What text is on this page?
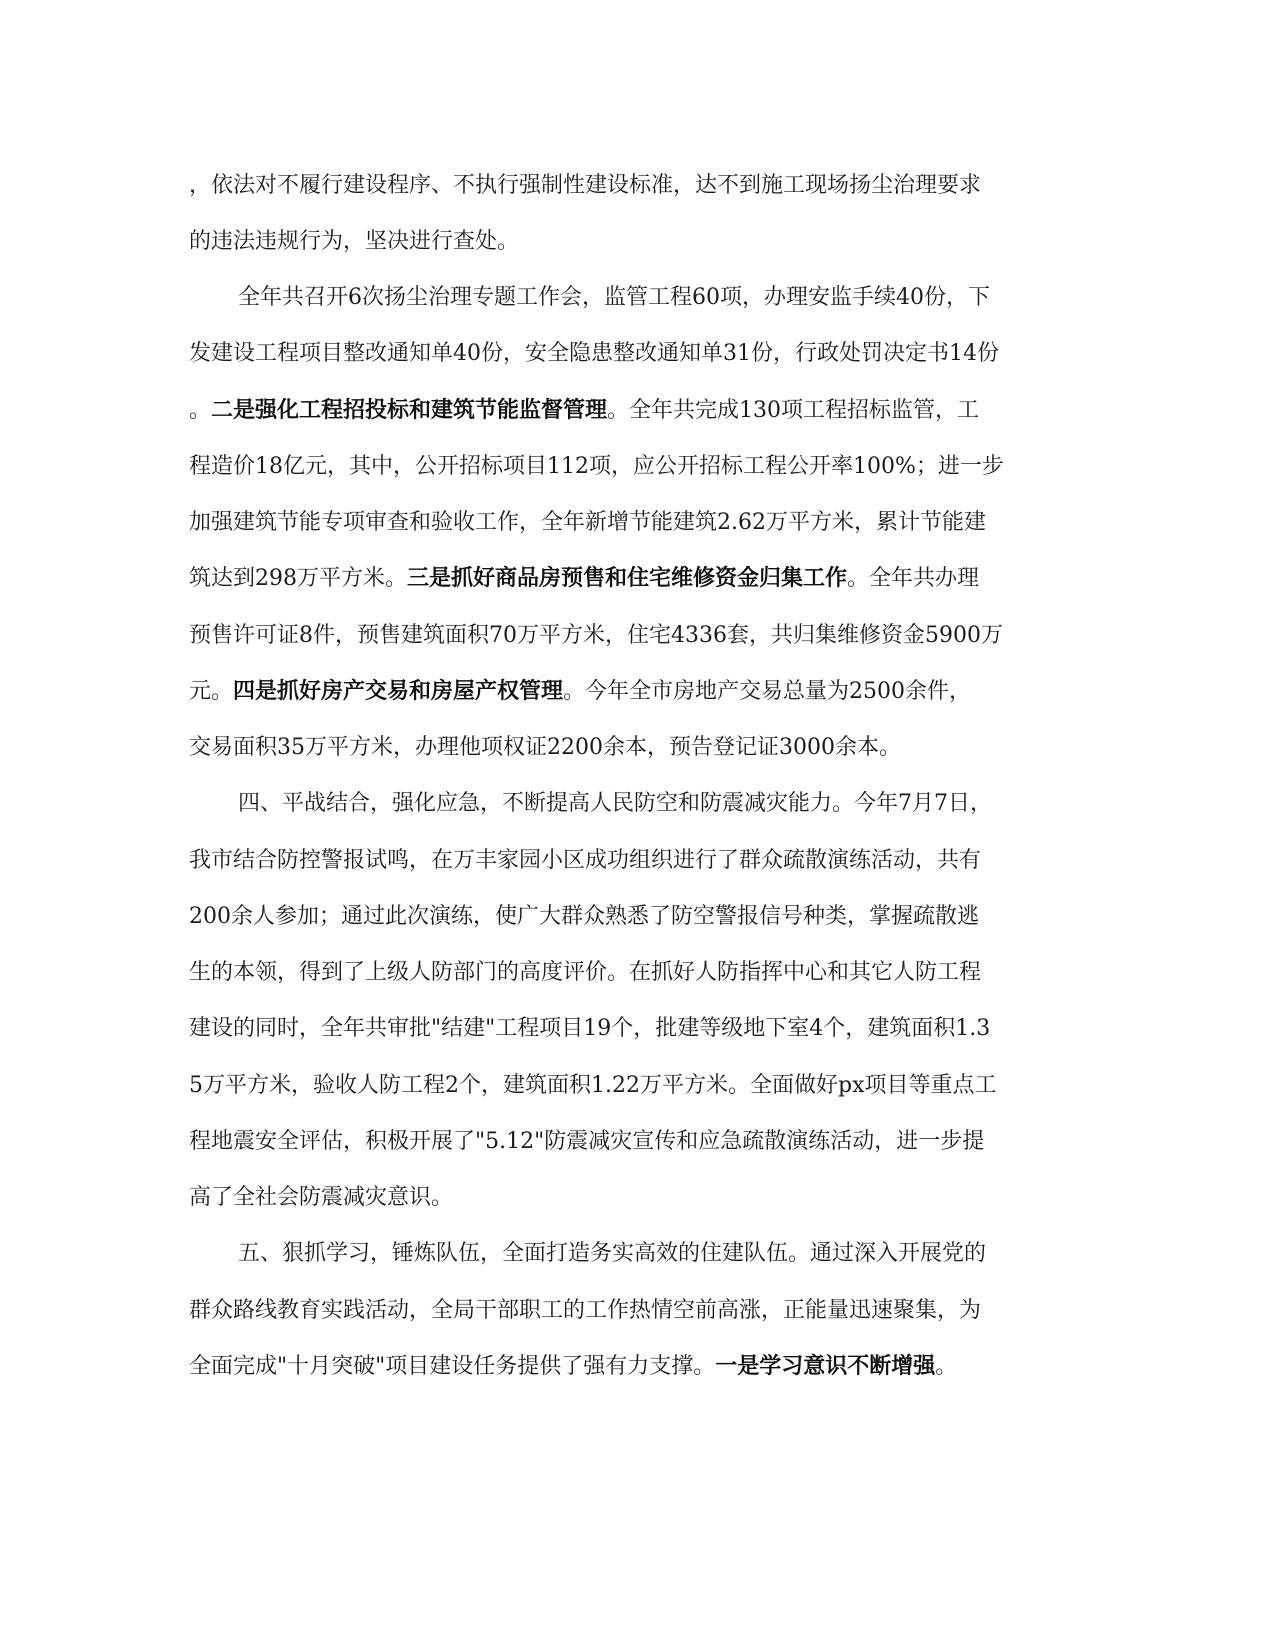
，依法对不履行建设程序、不执行强制性建设标准，达不到施工现场扬尘治理要求
的违法违规行为，坚决进行查处。
全年共召开6次扬尘治理专题工作会，监管工程60项，办理安监手续40份，下
发建设工程项目整改通知单40份，安全隐患整改通知单31份，行政处罚决定书14份
。二是强化工程招投标和建筑节能监督管理。全年共完成130项工程招标监管，工
程造价18亿元，其中，公开招标项目112项，应公开招标工程公开率100%；进一步
加强建筑节能专项审查和验收工作，全年新增节能建筑2.62万平方米，累计节能建
筑达到298万平方米。三是抓好商品房预售和住宅维修资金归集工作。全年共办理
预售许可证8件，预售建筑面积70万平方米，住宅4336套，共归集维修资金5900万
元。四是抓好房产交易和房屋产权管理。今年全市房地产交易总量为2500余件，
交易面积35万平方米，办理他项权证2200余本，预告登记证3000余本。
四、平战结合，强化应急，不断提高人民防空和防震减灾能力。今年7月7日，
我市结合防控警报试鸣，在万丰家园小区成功组织进行了群众疏散演练活动，共有
200余人参加；通过此次演练，使广大群众熟悉了防空警报信号种类，掌握疏散逃
生的本领，得到了上级人防部门的高度评价。在抓好人防指挥中心和其它人防工程
建设的同时，全年共审批"结建"工程项目19个，批建等级地下室4个，建筑面积1.3
5万平方米，验收人防工程2个，建筑面积1.22万平方米。全面做好px项目等重点工
程地震安全评估，积极开展了"5.12"防震减灾宣传和应急疏散演练活动，进一步提
高了全社会防震减灾意识。
五、狠抓学习，锤炼队伍，全面打造务实高效的住建队伍。通过深入开展党的
群众路线教育实践活动，全局干部职工的工作热情空前高涨，正能量迅速聚集，为
全面完成"十月突破"项目建设任务提供了强有力支撑。一是学习意识不断增强。
